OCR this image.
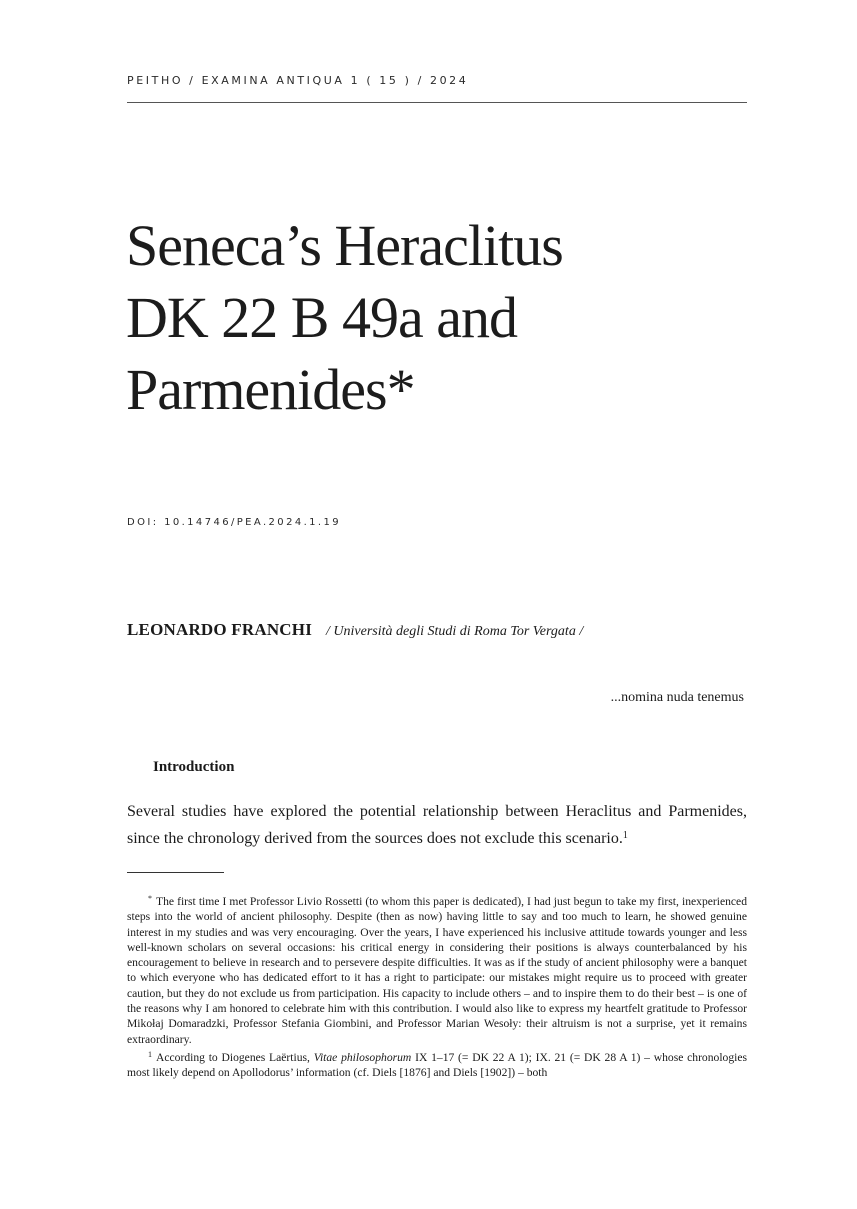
PEITHO / EXAMINA ANTIQUA 1 ( 15 ) / 2024
Seneca’s Heraclitus
DK 22 B 49a and
Parmenides*
DOI: 10.14746/PEA.2024.1.19
LEONARDO FRANCHI / Università degli Studi di Roma Tor Vergata /
...nomina nuda tenemus
Introduction

Several studies have explored the potential relationship between Heraclitus and Parmenides, since the chronology derived from the sources does not exclude this scenario.$^1$

* The first time I met Professor Livio Rossetti (to whom this paper is dedicated), I had just begun to take my first, inexperienced steps into the world of ancient philosophy. Despite (then as now) having little to say and too much to learn, he showed genuine interest in my studies and was very encouraging. Over the years, I have experienced his inclusive attitude towards younger and less well-known scholars on several occasions: his critical energy in considering their positions is always counterbalanced by his encouragement to believe in research and to persevere despite difficulties. It was as if the study of ancient philosophy were a banquet to which everyone who has dedicated effort to it has a right to participate: our mistakes might require us to proceed with greater caution, but they do not exclude us from participation. His capacity to include others – and to inspire them to do their best – is one of the reasons why I am honored to celebrate him with this contribution. I would also like to express my heartfelt gratitude to Professor Mikołaj Domaradzki, Professor Stefania Giombini, and Professor Marian Wesoły: their altruism is not a surprise, yet it remains extraordinary.

$^1$ According to Diogenes Laërtius, Vitae philosophorum IX 1–17 (= DK 22 A 1); IX. 21 (= DK 28 A 1) – whose chronologies most likely depend on Apollodorus’ information (cf. Diels [1876] and Diels [1902]) – both
